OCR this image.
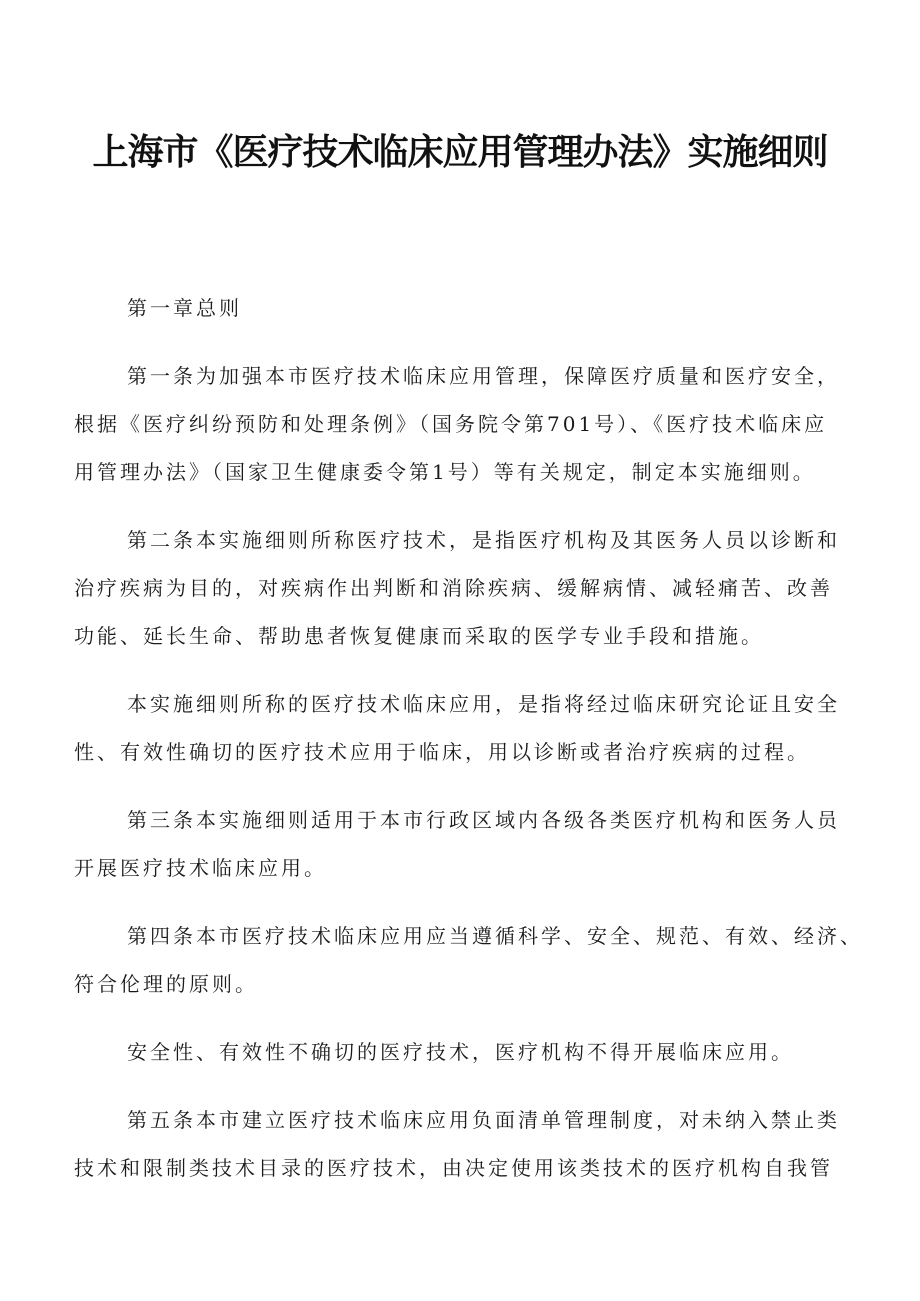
上海市《医疗技术临床应用管理办法》实施细则

第一章总则

第一条为加强本市医疗技术临床应用管理，保障医疗质量和医疗安全，

根据《医疗纠纷预防和处理条例》（国务院令第701号）、《医疗技术临床应

用管理办法》（国家卫生健康委令第1号）等有关规定，制定本实施细则。

第二条本实施细则所称医疗技术，是指医疗机构及其医务人员以诊断和

治疗疾病为目的，对疾病作出判断和消除疾病、缓解病情、减轻痛苦、改善

功能、延长生命、帮助患者恢复健康而采取的医学专业手段和措施。

本实施细则所称的医疗技术临床应用，是指将经过临床研究论证且安全

性、有效性确切的医疗技术应用于临床，用以诊断或者治疗疾病的过程。

第三条本实施细则适用于本市行政区域内各级各类医疗机构和医务人员

开展医疗技术临床应用。

第四条本市医疗技术临床应用应当遵循科学、安全、规范、有效、经济、

符合伦理的原则。

安全性、有效性不确切的医疗技术，医疗机构不得开展临床应用。

第五条本市建立医疗技术临床应用负面清单管理制度，对未纳入禁止类

技术和限制类技术目录的医疗技术，由决定使用该类技术的医疗机构自我管
